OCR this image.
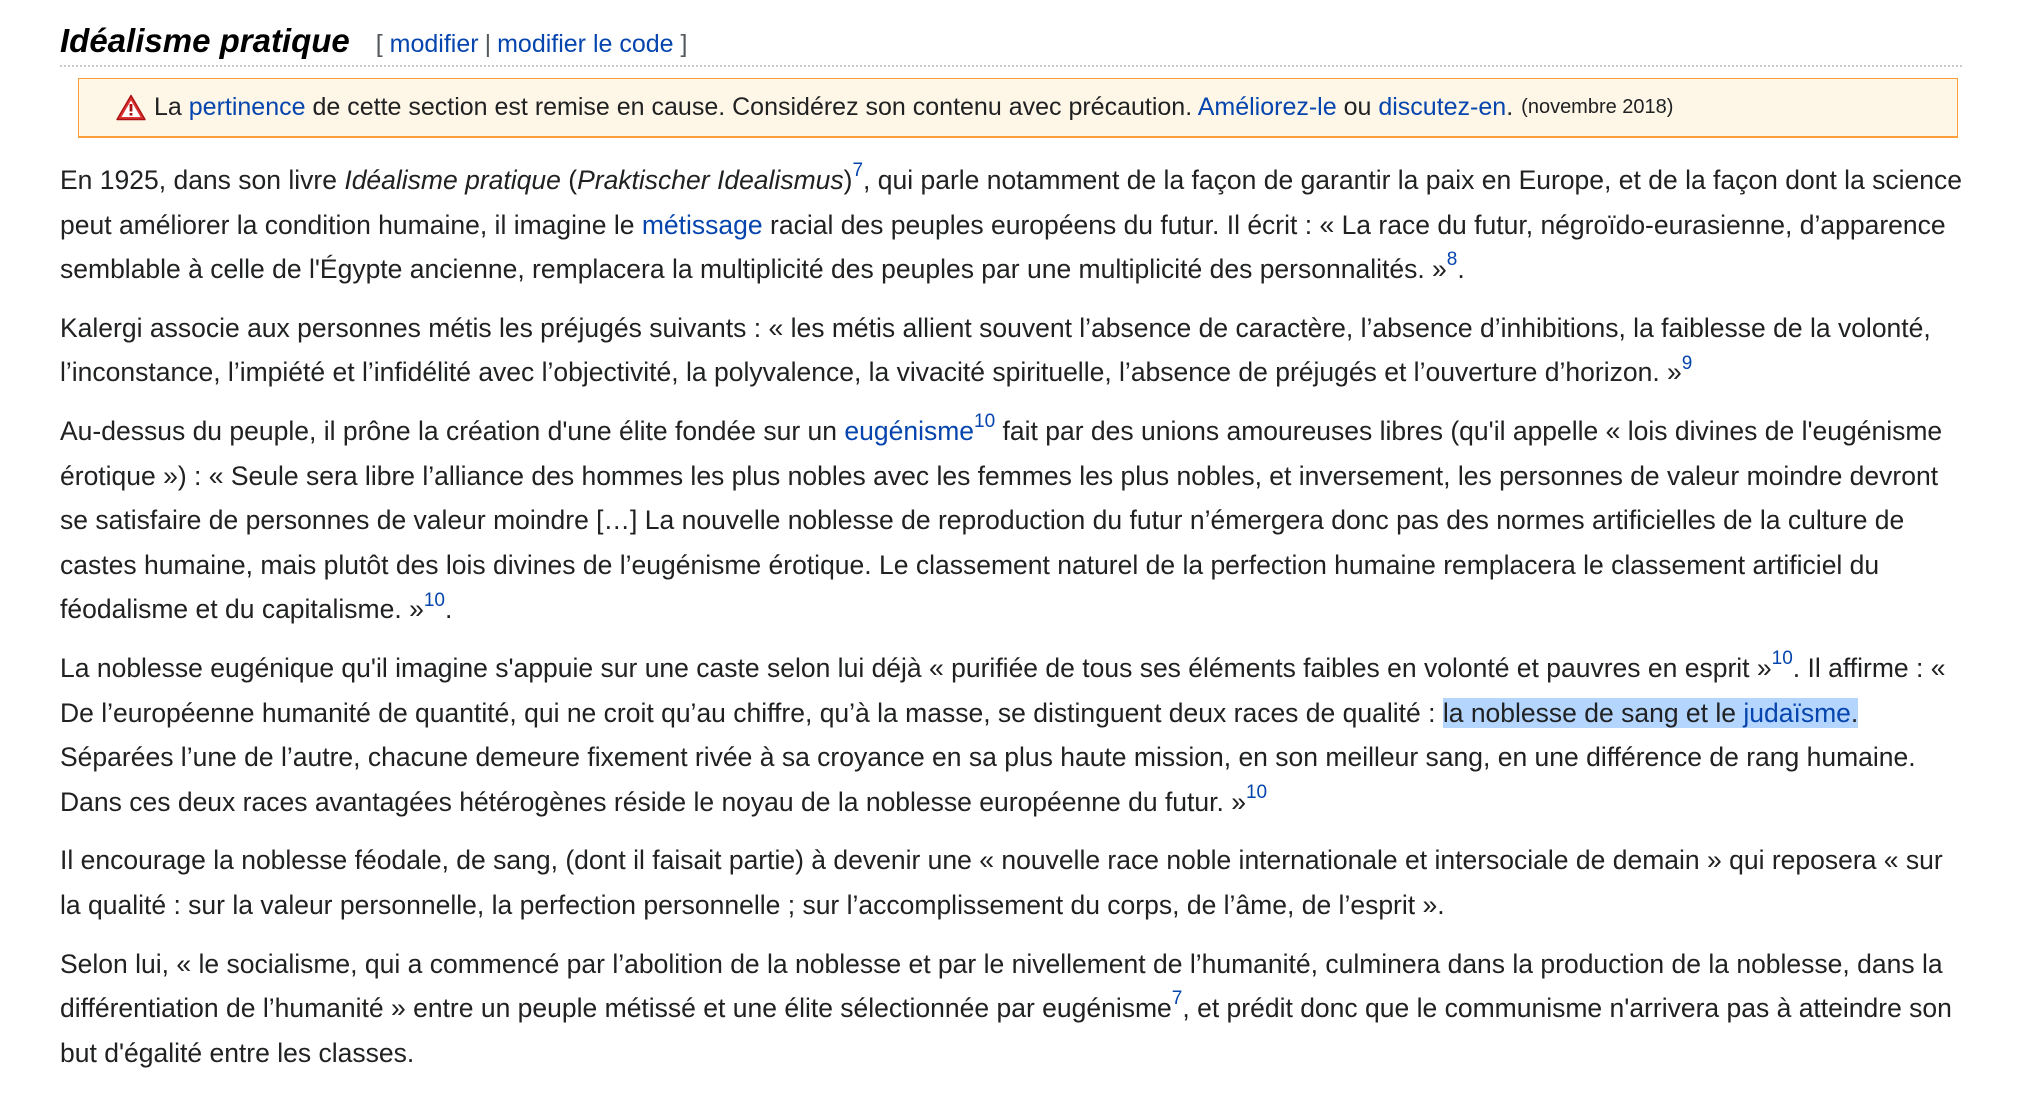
Idéalisme pratique [ modifier | modifier le code ]
La pertinence de cette section est remise en cause. Considérez son contenu avec précaution. Améliorez-le ou discutez-en. (novembre 2018)

En 1925, dans son livre Idéalisme pratique (Praktischer Idealismus)$^7$, qui parle notamment de la façon de garantir la paix en Europe, et de la façon dont la science peut améliorer la condition humaine, il imagine le métissage racial des peuples européens du futur. Il écrit : « La race du futur, négroïdo-eurasienne, d’apparence semblable à celle de l'Égypte ancienne, remplacera la multiplicité des peuples par une multiplicité des personnalités. »$^8$.

Kalergi associe aux personnes métis les préjugés suivants : « les métis allient souvent l’absence de caractère, l’absence d’inhibitions, la faiblesse de la volonté, l’inconstance, l’impiété et l’infidélité avec l’objectivité, la polyvalence, la vivacité spirituelle, l’absence de préjugés et l’ouverture d’horizon. »$^9$

Au-dessus du peuple, il prône la création d'une élite fondée sur un eugénisme$^{10}$ fait par des unions amoureuses libres (qu'il appelle « lois divines de l'eugénisme érotique ») : « Seule sera libre l’alliance des hommes les plus nobles avec les femmes les plus nobles, et inversement, les personnes de valeur moindre devront se satisfaire de personnes de valeur moindre […] La nouvelle noblesse de reproduction du futur n’émergera donc pas des normes artificielles de la culture de castes humaine, mais plutôt des lois divines de l’eugénisme érotique. Le classement naturel de la perfection humaine remplacera le classement artificiel du féodalisme et du capitalisme. »$^{10}$.

La noblesse eugénique qu'il imagine s'appuie sur une caste selon lui déjà « purifiée de tous ses éléments faibles en volonté et pauvres en esprit »$^{10}$. Il affirme : « De l’européenne humanité de quantité, qui ne croit qu’au chiffre, qu’à la masse, se distinguent deux races de qualité : la noblesse de sang et le judaïsme. Séparées l’une de l’autre, chacune demeure fixement rivée à sa croyance en sa plus haute mission, en son meilleur sang, en une différence de rang humaine. Dans ces deux races avantagées hétérogènes réside le noyau de la noblesse européenne du futur. »$^{10}$

Il encourage la noblesse féodale, de sang, (dont il faisait partie) à devenir une « nouvelle race noble internationale et intersociale de demain » qui reposera « sur la qualité : sur la valeur personnelle, la perfection personnelle ; sur l’accomplissement du corps, de l’âme, de l’esprit ».

Selon lui, « le socialisme, qui a commencé par l’abolition de la noblesse et par le nivellement de l’humanité, culminera dans la production de la noblesse, dans la différentiation de l’humanité » entre un peuple métissé et une élite sélectionnée par eugénisme$^7$, et prédit donc que le communisme n'arrivera pas à atteindre son but d'égalité entre les classes.
